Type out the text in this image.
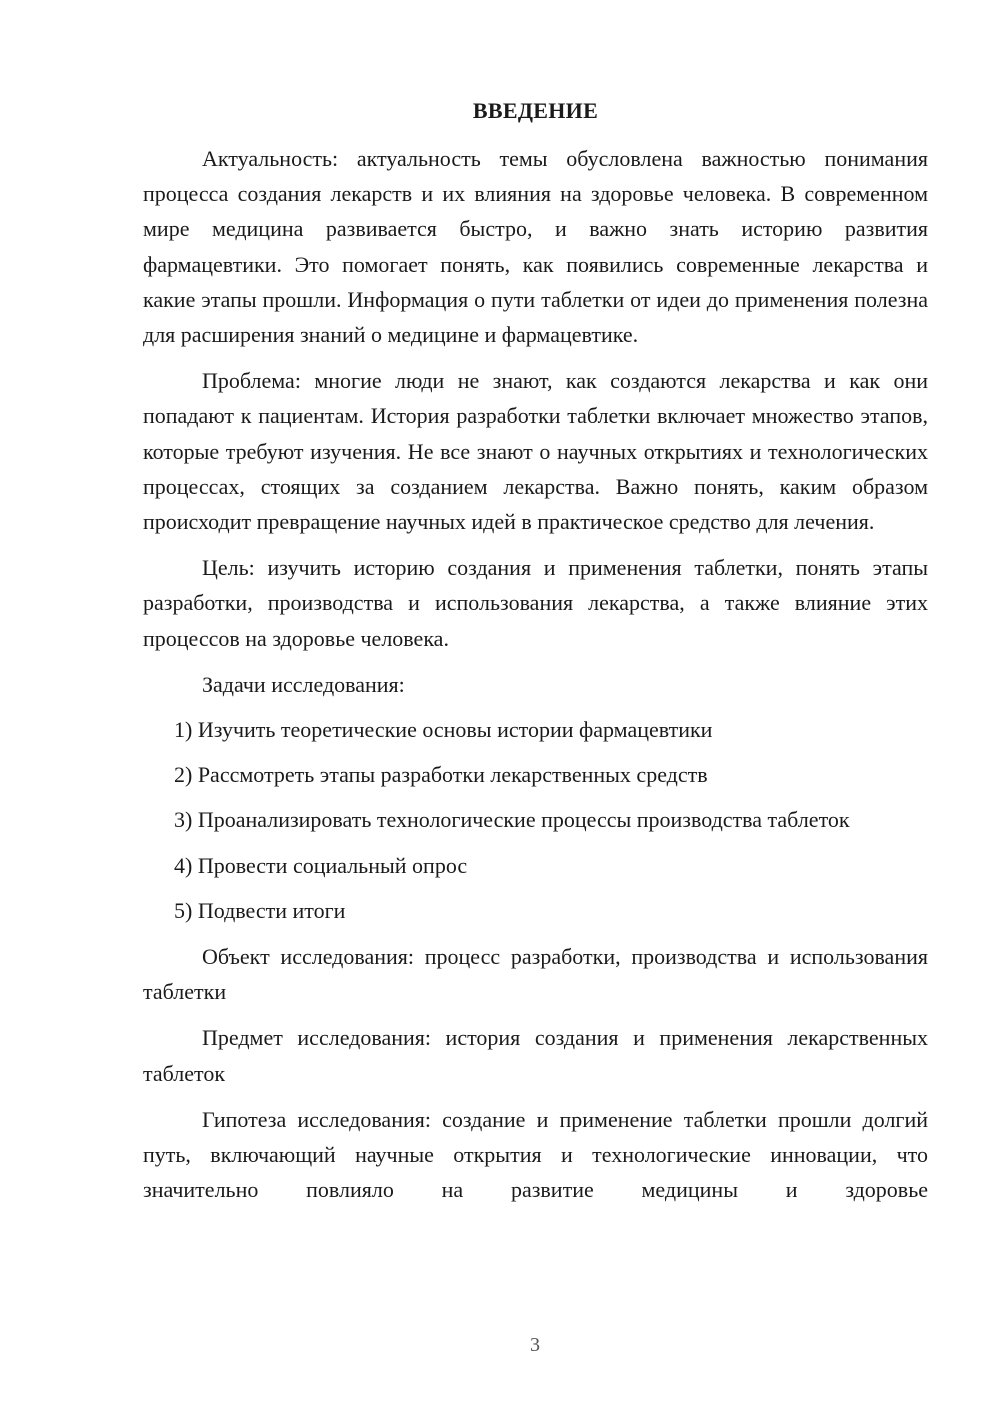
ВВЕДЕНИЕ

Актуальность: актуальность темы обусловлена важностью понимания процесса создания лекарств и их влияния на здоровье человека. В современном мире медицина развивается быстро, и важно знать историю развития фармацевтики. Это помогает понять, как появились современные лекарства и какие этапы прошли. Информация о пути таблетки от идеи до применения полезна для расширения знаний о медицине и фармацевтике.

Проблема: многие люди не знают, как создаются лекарства и как они попадают к пациентам. История разработки таблетки включает множество этапов, которые требуют изучения. Не все знают о научных открытиях и технологических процессах, стоящих за созданием лекарства. Важно понять, каким образом происходит превращение научных идей в практическое средство для лечения.

Цель: изучить историю создания и применения таблетки, понять этапы разработки, производства и использования лекарства, а также влияние этих процессов на здоровье человека.

Задачи исследования:

1) Изучить теоретические основы истории фармацевтики

2) Рассмотреть этапы разработки лекарственных средств

3) Проанализировать технологические процессы производства таблеток

4) Провести социальный опрос

5) Подвести итоги

Объект исследования: процесс разработки, производства и использования таблетки

Предмет исследования: история создания и применения лекарственных таблеток

Гипотеза исследования: создание и применение таблетки прошли долгий путь, включающий научные открытия и технологические инновации, что значительно повлияло на развитие медицины и здоровье

3
